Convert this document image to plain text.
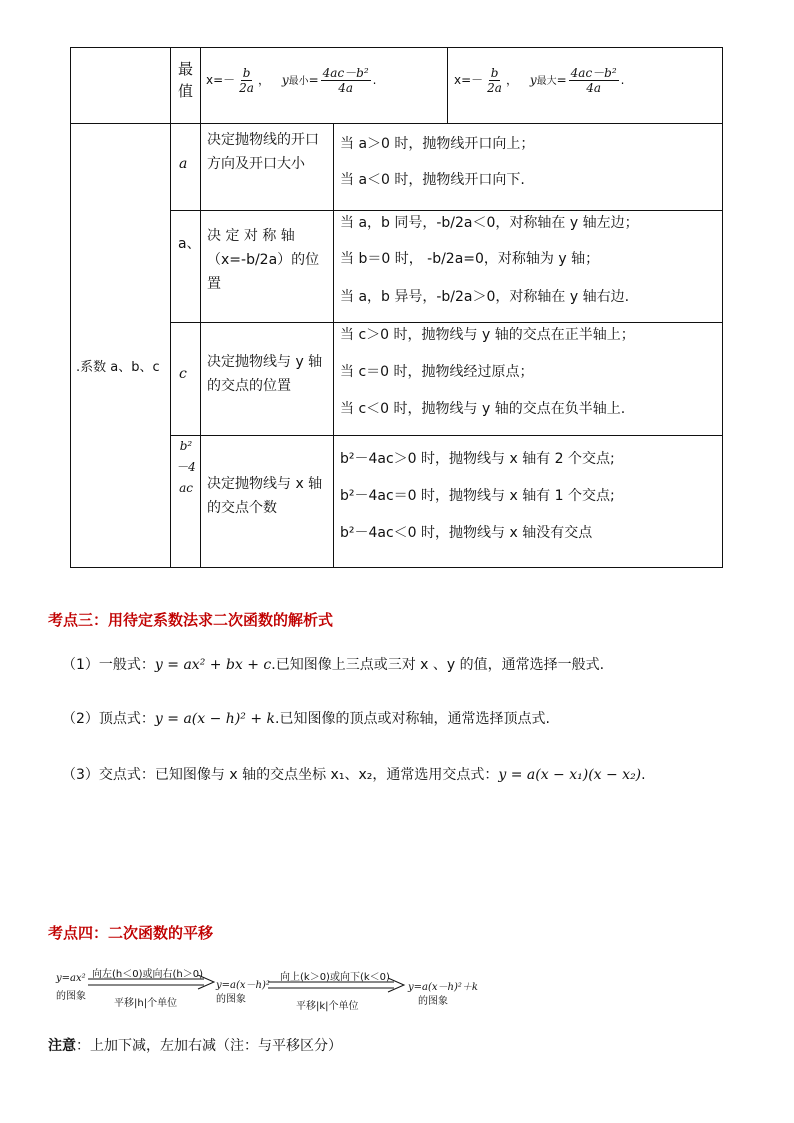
最值
$x=- \frac{b}{2a}$ ， y最小= $\frac{\text{4ac－b²}}{4a}$ .	$x=- \frac{b}{2a}$ ， y最大= $\frac{\text{4ac－b²}}{4a}$ .
.系数 a、b、c
a
决定抛物线的开口方向及开口大小
当 a＞0 时，抛物线开口向上；
当 a＜0 时，抛物线开口向下.
a、 决 定 对 称 轴（x=-b/2a）的位置
当 a，b 同号，-b/2a＜0，对称轴在 y 轴左边；
当 b＝0 时， -b/2a=0，对称轴为 y 轴；
当 a，b 异号，-b/2a＞0，对称轴在 y 轴右边.
c
决定抛物线与 y 轴的交点的位置
当 c＞0 时，抛物线与 y 轴的交点在正半轴上；
当 c＝0 时，抛物线经过原点；
当 c＜0 时，抛物线与 y 轴的交点在负半轴上.
b²－4ac 决定抛物线与 x 轴的交点个数
b²－4ac＞0 时，抛物线与 x 轴有 2 个交点;
b²－4ac＝0 时，抛物线与 x 轴有 1 个交点;
b²－4ac＜0 时，抛物线与 x 轴没有交点
考点三：用待定系数法求二次函数的解析式
（1）一般式：y = ax² + bx + c.已知图像上三点或三对 x 、y 的值，通常选择一般式.
（2）顶点式：y = a(x − h)² + k.已知图像的顶点或对称轴，通常选择顶点式.
（3）交点式：已知图像与 x 轴的交点坐标 x₁、x₂，通常选用交点式：y = a(x − x₁)(x − x₂).
考点四：二次函数的平移
y=ax²
的图象
向左(h＜0)或向右(h＞0)
平移|h|个单位
y=a(x－h)²
的图象
向上(k＞0)或向下(k＜0)
平移|k|个单位
y=a(x－h)²＋k
的图象
注意：上加下减，左加右减（注：与平移区分）
